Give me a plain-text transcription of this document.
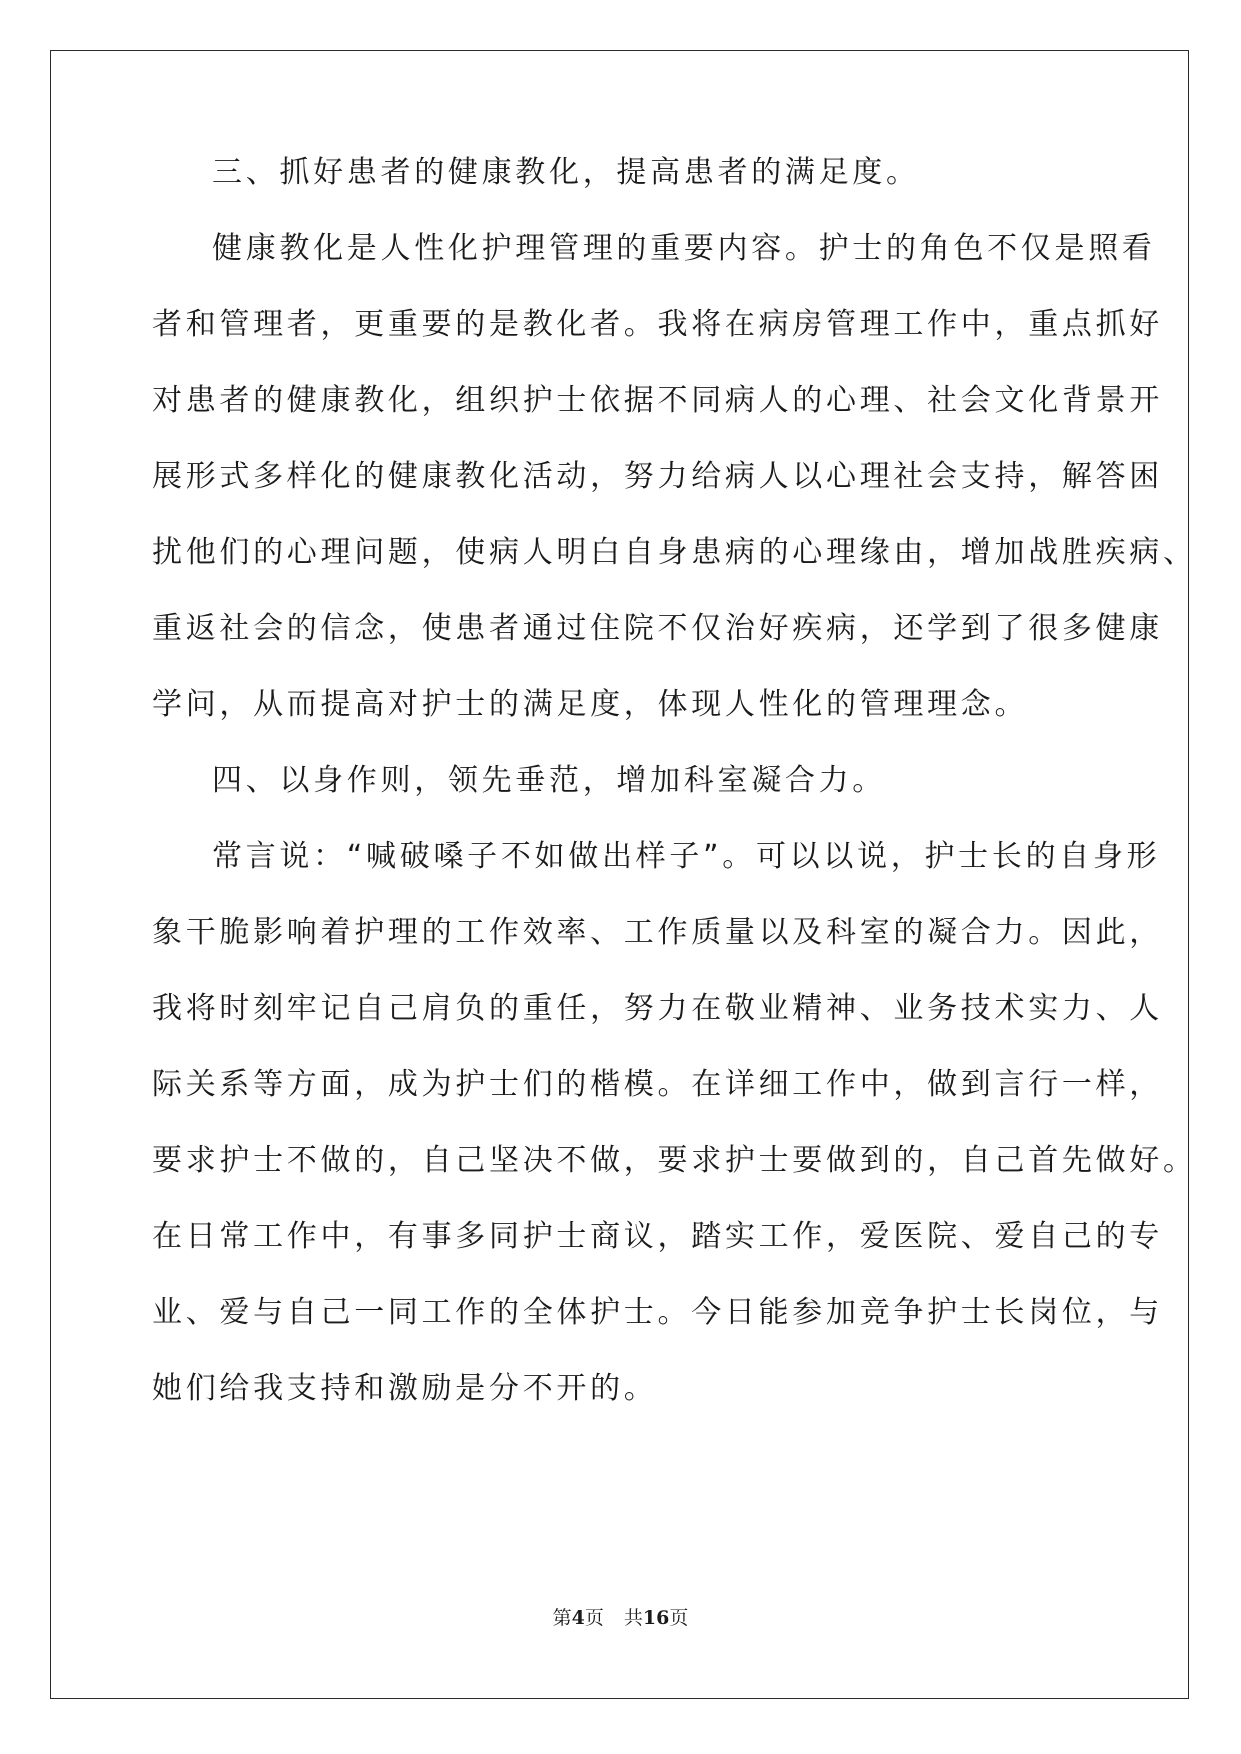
三、抓好患者的健康教化，提高患者的满足度。
健康教化是人性化护理管理的重要内容。护士的角色不仅是照看
者和管理者，更重要的是教化者。我将在病房管理工作中，重点抓好
对患者的健康教化，组织护士依据不同病人的心理、社会文化背景开
展形式多样化的健康教化活动，努力给病人以心理社会支持，解答困
扰他们的心理问题，使病人明白自身患病的心理缘由，增加战胜疾病、
重返社会的信念，使患者通过住院不仅治好疾病，还学到了很多健康
学问，从而提高对护士的满足度，体现人性化的管理理念。
四、以身作则，领先垂范，增加科室凝合力。
常言说：“喊破嗓子不如做出样子”。可以以说，护士长的自身形
象干脆影响着护理的工作效率、工作质量以及科室的凝合力。因此，
我将时刻牢记自己肩负的重任，努力在敬业精神、业务技术实力、人
际关系等方面，成为护士们的楷模。在详细工作中，做到言行一样，
要求护士不做的，自己坚决不做，要求护士要做到的，自己首先做好。
在日常工作中，有事多同护士商议，踏实工作，爱医院、爱自己的专
业、爱与自己一同工作的全体护士。今日能参加竞争护士长岗位，与
她们给我支持和激励是分不开的。
第4页 共16页
